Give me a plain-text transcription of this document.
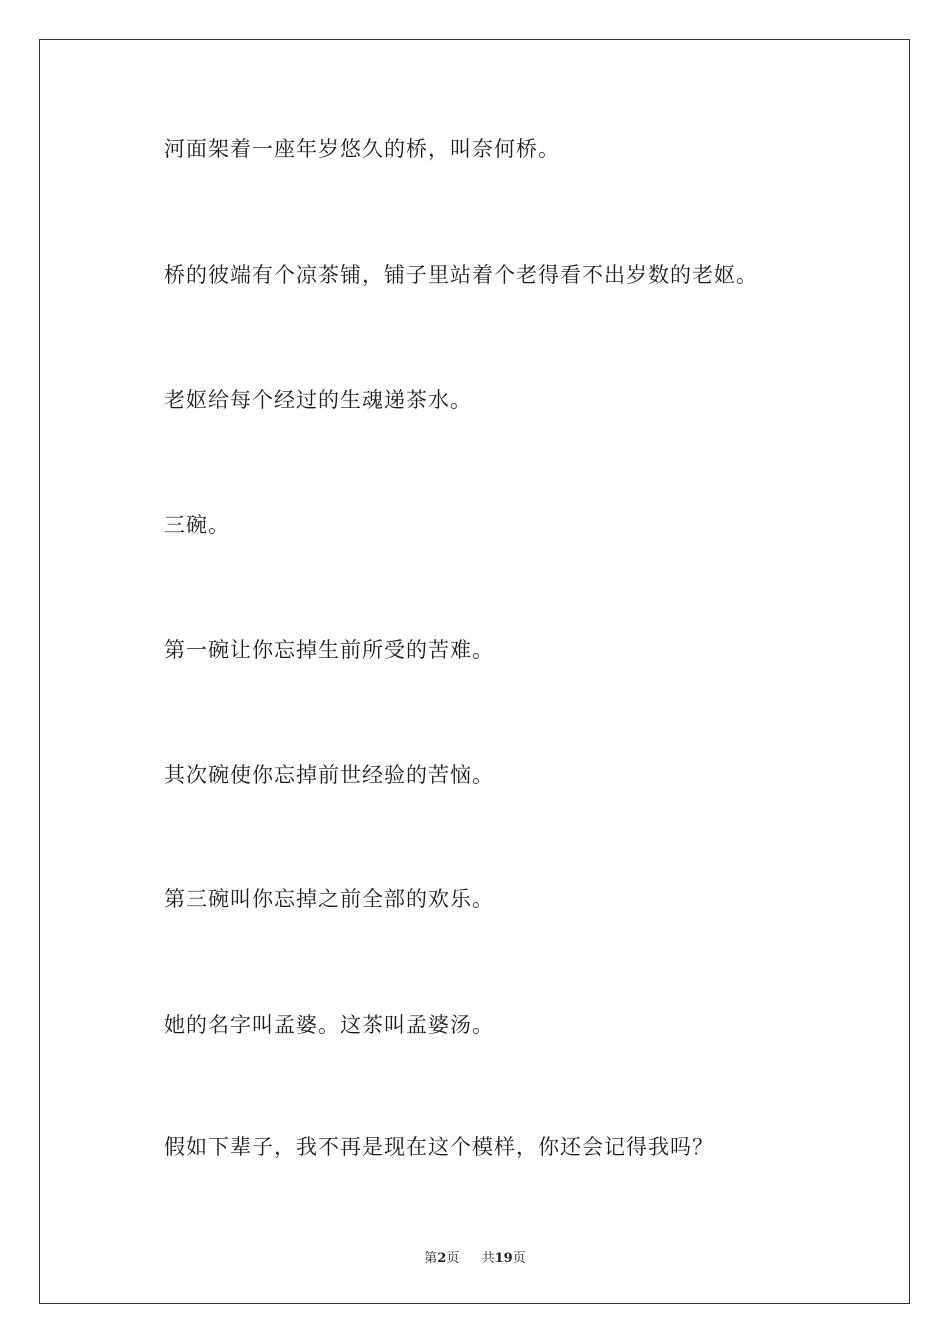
河面架着一座年岁悠久的桥，叫奈何桥。
桥的彼端有个凉茶铺，铺子里站着个老得看不出岁数的老妪。
老妪给每个经过的生魂递茶水。
三碗。
第一碗让你忘掉生前所受的苦难。
其次碗使你忘掉前世经验的苦恼。
第三碗叫你忘掉之前全部的欢乐。
她的名字叫孟婆。这茶叫孟婆汤。
假如下辈子，我不再是现在这个模样，你还会记得我吗？
第2页 共19页
